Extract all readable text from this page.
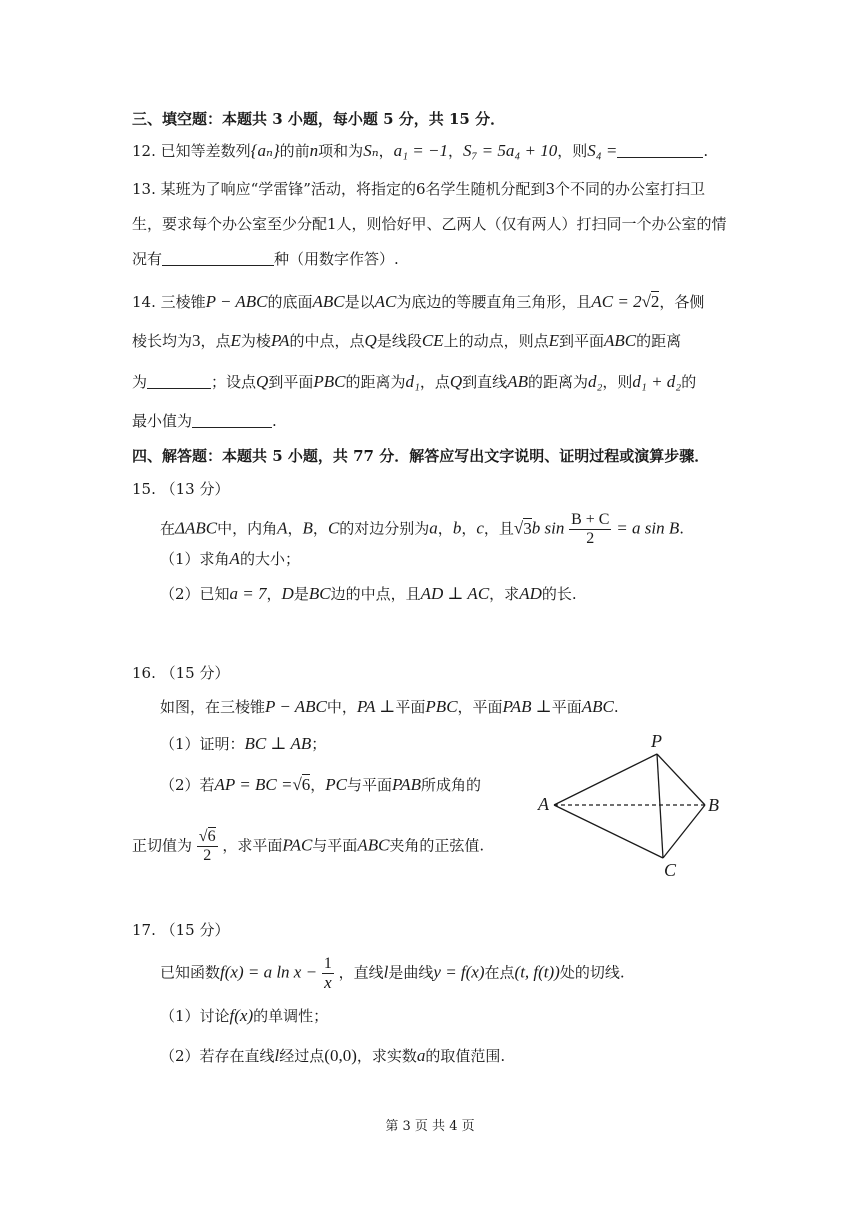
三、填空题：本题共 3 小题，每小题 5 分，共 15 分．
12. 已知等差数列{aₙ}的前n项和为Sₙ，a₁ = −1，S₇ = 5a₄ + 10，则S₄ =	.
13. 某班为了响应“学雷锋”活动，将指定的6名学生随机分配到3个不同的办公室打扫卫
生，要求每个办公室至少分配1人，则恰好甲、乙两人（仅有两人）打扫同一个办公室的情
况有	种（用数字作答）.
14. 三棱锥P − ABC的底面ABC是以AC为底边的等腰直角三角形，且AC = 2√2，各侧
棱长均为3，点E为棱PA的中点，点Q是线段CE上的动点，则点E到平面ABC的距离
为	；设点Q到平面PBC的距离为d₁，点Q到直线AB的距离为d₂，则d₁ + d₂的
最小值为	.
四、解答题：本题共 5 小题，共 77 分．解答应写出文字说明、证明过程或演算步骤．
15. （13 分）
在ΔABC中，内角A，B，C的对边分别为a，b，c，且√3b $\sin \frac{B + C}{2} = a$ sin B.
（1）求角A的大小；
（2）已知a = 7，D是BC边的中点，且AD ⊥ AC，求AD的长.
16. （15 分）
如图，在三棱锥P − ABC中，PA ⊥平面PBC，平面PAB ⊥平面ABC.
（1）证明：BC ⊥ AB；
（2）若AP = BC =√6，PC与平面PAB所成角的
正切值为 $\frac{√6}{2}$ ，求平面PAC与平面ABC夹角的正弦值.
P
A	B
C
17. （15 分）
已知函数f(x) = a $\ln x - \frac{1}{x}$ ，直线l是曲线y = f(x)在点(t, f(t))处的切线.
（1）讨论f(x)的单调性；
（2）若存在直线l经过点(0,0)，求实数a的取值范围.
第 3 页 共 4 页
